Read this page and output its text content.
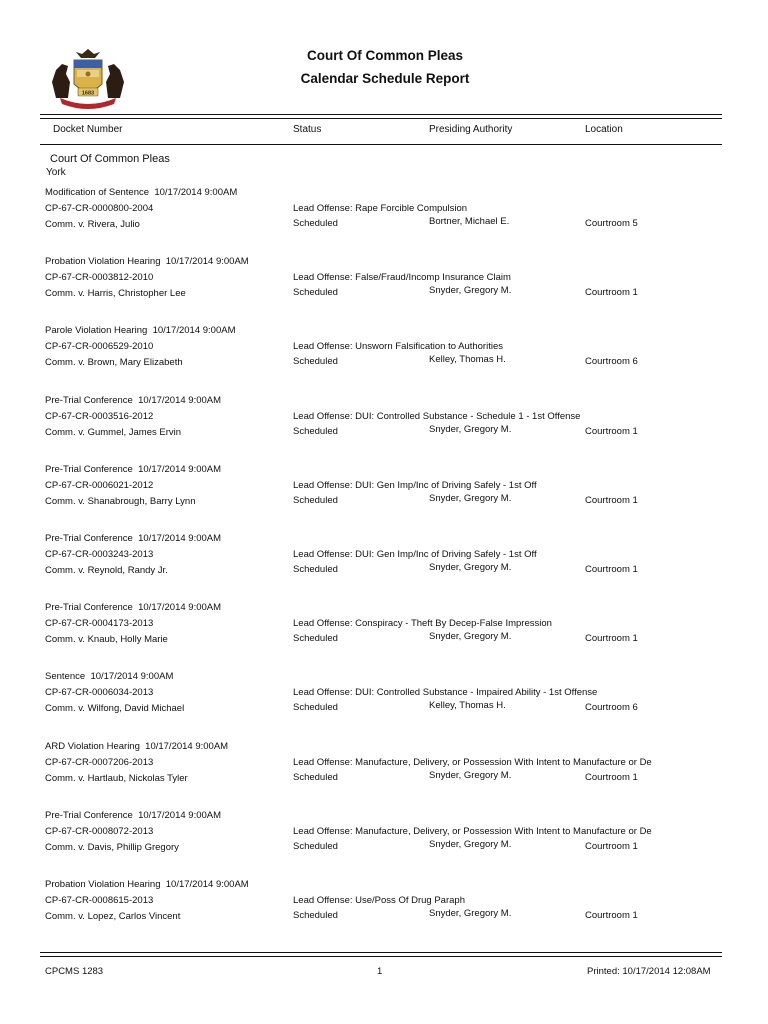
1683
Court Of Common Pleas
Calendar Schedule Report
Docket Number	Status	Presiding Authority	Location
Court Of Common Pleas
York
Modification of Sentence 10/17/2014 9:00AM
CP-67-CR-0000800-2004
Comm. v. Rivera, Julio
Lead Offense: Rape Forcible Compulsion
Scheduled	Bortner, Michael E.	Courtroom 5
Probation Violation Hearing 10/17/2014 9:00AM
CP-67-CR-0003812-2010
Comm. v. Harris, Christopher Lee
Lead Offense: False/Fraud/Incomp Insurance Claim
Scheduled	Snyder, Gregory M.	Courtroom 1
Parole Violation Hearing 10/17/2014 9:00AM
CP-67-CR-0006529-2010
Comm. v. Brown, Mary Elizabeth
Lead Offense: Unsworn Falsification to Authorities
Scheduled	Kelley, Thomas H.	Courtroom 6
Pre-Trial Conference 10/17/2014 9:00AM
CP-67-CR-0003516-2012
Comm. v. Gummel, James Ervin
Lead Offense: DUI: Controlled Substance - Schedule 1 - 1st Offense
Scheduled	Snyder, Gregory M.	Courtroom 1
Pre-Trial Conference 10/17/2014 9:00AM
CP-67-CR-0006021-2012
Comm. v. Shanabrough, Barry Lynn
Lead Offense: DUI: Gen Imp/Inc of Driving Safely - 1st Off
Scheduled	Snyder, Gregory M.	Courtroom 1
Pre-Trial Conference 10/17/2014 9:00AM
CP-67-CR-0003243-2013
Comm. v. Reynold, Randy Jr.
Lead Offense: DUI: Gen Imp/Inc of Driving Safely - 1st Off
Scheduled	Snyder, Gregory M.	Courtroom 1
Pre-Trial Conference 10/17/2014 9:00AM
CP-67-CR-0004173-2013
Comm. v. Knaub, Holly Marie
Lead Offense: Conspiracy - Theft By Decep-False Impression
Scheduled	Snyder, Gregory M.	Courtroom 1
Sentence 10/17/2014 9:00AM
CP-67-CR-0006034-2013
Comm. v. Wilfong, David Michael
Lead Offense: DUI: Controlled Substance - Impaired Ability - 1st Offense
Scheduled	Kelley, Thomas H.	Courtroom 6
ARD Violation Hearing 10/17/2014 9:00AM
CP-67-CR-0007206-2013
Comm. v. Hartlaub, Nickolas Tyler
Lead Offense: Manufacture, Delivery, or Possession With Intent to Manufacture or De
Scheduled	Snyder, Gregory M.	Courtroom 1
Pre-Trial Conference 10/17/2014 9:00AM
CP-67-CR-0008072-2013
Comm. v. Davis, Phillip Gregory
Lead Offense: Manufacture, Delivery, or Possession With Intent to Manufacture or De
Scheduled	Snyder, Gregory M.	Courtroom 1
Probation Violation Hearing 10/17/2014 9:00AM
CP-67-CR-0008615-2013
Comm. v. Lopez, Carlos Vincent
Lead Offense: Use/Poss Of Drug Paraph
Scheduled	Snyder, Gregory M.	Courtroom 1
CPCMS 1283	1	Printed: 10/17/2014 12:08AM
